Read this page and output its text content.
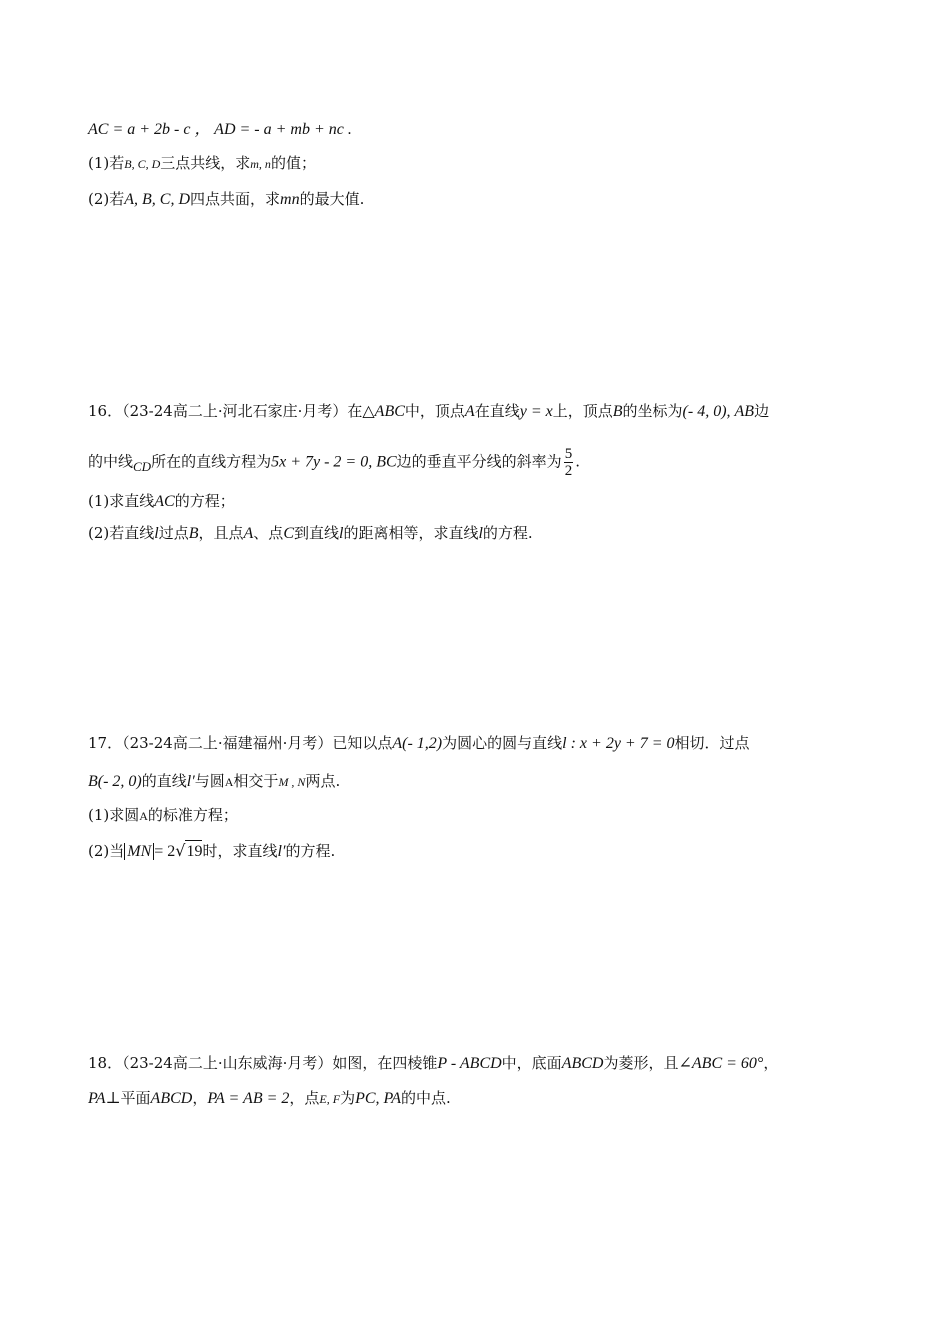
AC = a + 2b - c ， AD = - a + mb + nc .
(1)若B, C, D三点共线，求m, n的值；
(2)若A, B, C, D四点共面，求mn的最大值.
16．（23-24高二上·河北石家庄·月考）在△ABC中，顶点A在直线y = x上，顶点B的坐标为(- 4, 0), AB边
的中线CD所在的直线方程为5x + 7y - 2 = 0, BC边的垂直平分线的斜率为 $\frac{5}{2}$ .
(1)求直线AC的方程；
(2)若直线l过点B，且点A、点C到直线l的距离相等，求直线l的方程.
17．（23-24高二上·福建福州·月考）已知以点A(- 1,2)为圆心的圆与直线l : x + 2y + 7 = 0相切．过点
B(- 2, 0)的直线l′与圆A相交于M , N两点.
(1)求圆A的标准方程；
(2)当 MN = 2√19时，求直线l′的方程.
18．（23-24高二上·山东威海·月考）如图，在四棱锥P - ABCD中，底面ABCD为菱形，且∠ABC = 60°，
PA⊥平面ABCD，PA = AB = 2，点E, F为PC, PA的中点.
